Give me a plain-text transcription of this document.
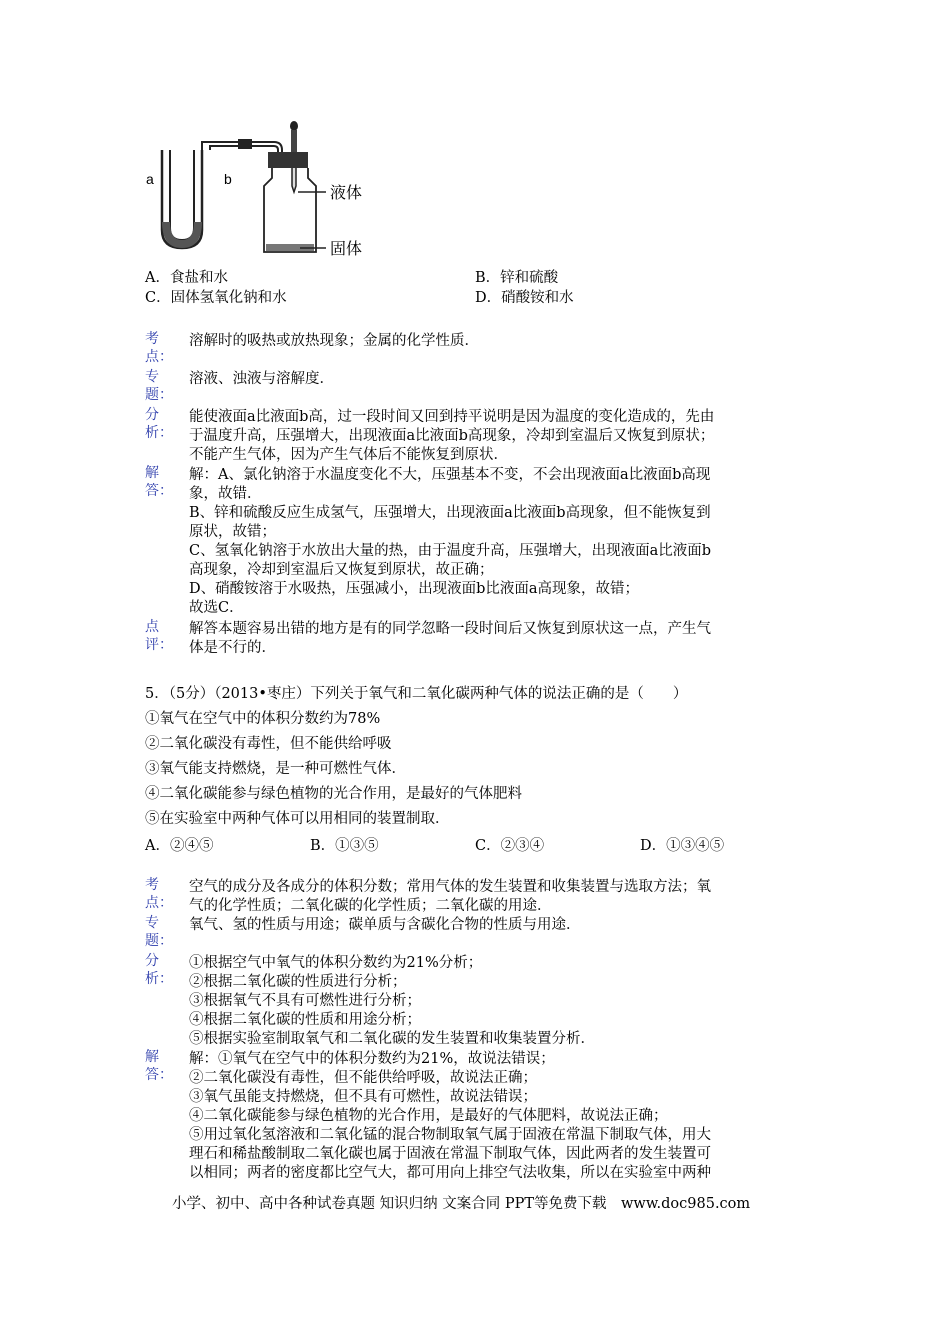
a	b
液体
固体
A．食盐和水	B．锌和硫酸
C．固体氢氧化钠和水	D．硝酸铵和水
考
点：
溶解时的吸热或放热现象；金属的化学性质．
专
题：
溶液、浊液与溶解度．
分
析：
能使液面a比液面b高，过一段时间又回到持平说明是因为温度的变化造成的，先由
于温度升高，压强增大，出现液面a比液面b高现象，冷却到室温后又恢复到原状；
不能产生气体，因为产生气体后不能恢复到原状．
解
答：
解：A、氯化钠溶于水温度变化不大，压强基本不变，不会出现液面a比液面b高现
象，故错．
B、锌和硫酸反应生成氢气，压强增大，出现液面a比液面b高现象，但不能恢复到
原状，故错；
C、氢氧化钠溶于水放出大量的热，由于温度升高，压强增大，出现液面a比液面b
高现象，冷却到室温后又恢复到原状，故正确；
D、硝酸铵溶于水吸热，压强减小，出现液面b比液面a高现象，故错；
故选C．
点
评：
解答本题容易出错的地方是有的同学忽略一段时间后又恢复到原状这一点，产生气
体是不行的．
5．（5分）（2013•枣庄）下列关于氧气和二氧化碳两种气体的说法正确的是（　　）
①氧气在空气中的体积分数约为78%
②二氧化碳没有毒性，但不能供给呼吸
③氧气能支持燃烧，是一种可燃性气体．
④二氧化碳能参与绿色植物的光合作用，是最好的气体肥料
⑤在实验室中两种气体可以用相同的装置制取．
A．②④⑤	B．①③⑤	C．②③④	D．①③④⑤
考
点：
空气的成分及各成分的体积分数；常用气体的发生装置和收集装置与选取方法；氧
气的化学性质；二氧化碳的化学性质；二氧化碳的用途．
专
题：
氧气、氢的性质与用途；碳单质与含碳化合物的性质与用途．
分
析：
①根据空气中氧气的体积分数约为21%分析；
②根据二氧化碳的性质进行分析；
③根据氧气不具有可燃性进行分析；
④根据二氧化碳的性质和用途分析；
⑤根据实验室制取氧气和二氧化碳的发生装置和收集装置分析．
解
答：
解：①氧气在空气中的体积分数约为21%，故说法错误；
②二氧化碳没有毒性，但不能供给呼吸，故说法正确；
③氧气虽能支持燃烧，但不具有可燃性，故说法错误；
④二氧化碳能参与绿色植物的光合作用，是最好的气体肥料，故说法正确；
⑤用过氧化氢溶液和二氧化锰的混合物制取氧气属于固液在常温下制取气体，用大
理石和稀盐酸制取二氧化碳也属于固液在常温下制取气体，因此两者的发生装置可
以相同；两者的密度都比空气大，都可用向上排空气法收集，所以在实验室中两种
小学、初中、高中各种试卷真题 知识归纳 文案合同 PPT等免费下载　www.doc985.com
